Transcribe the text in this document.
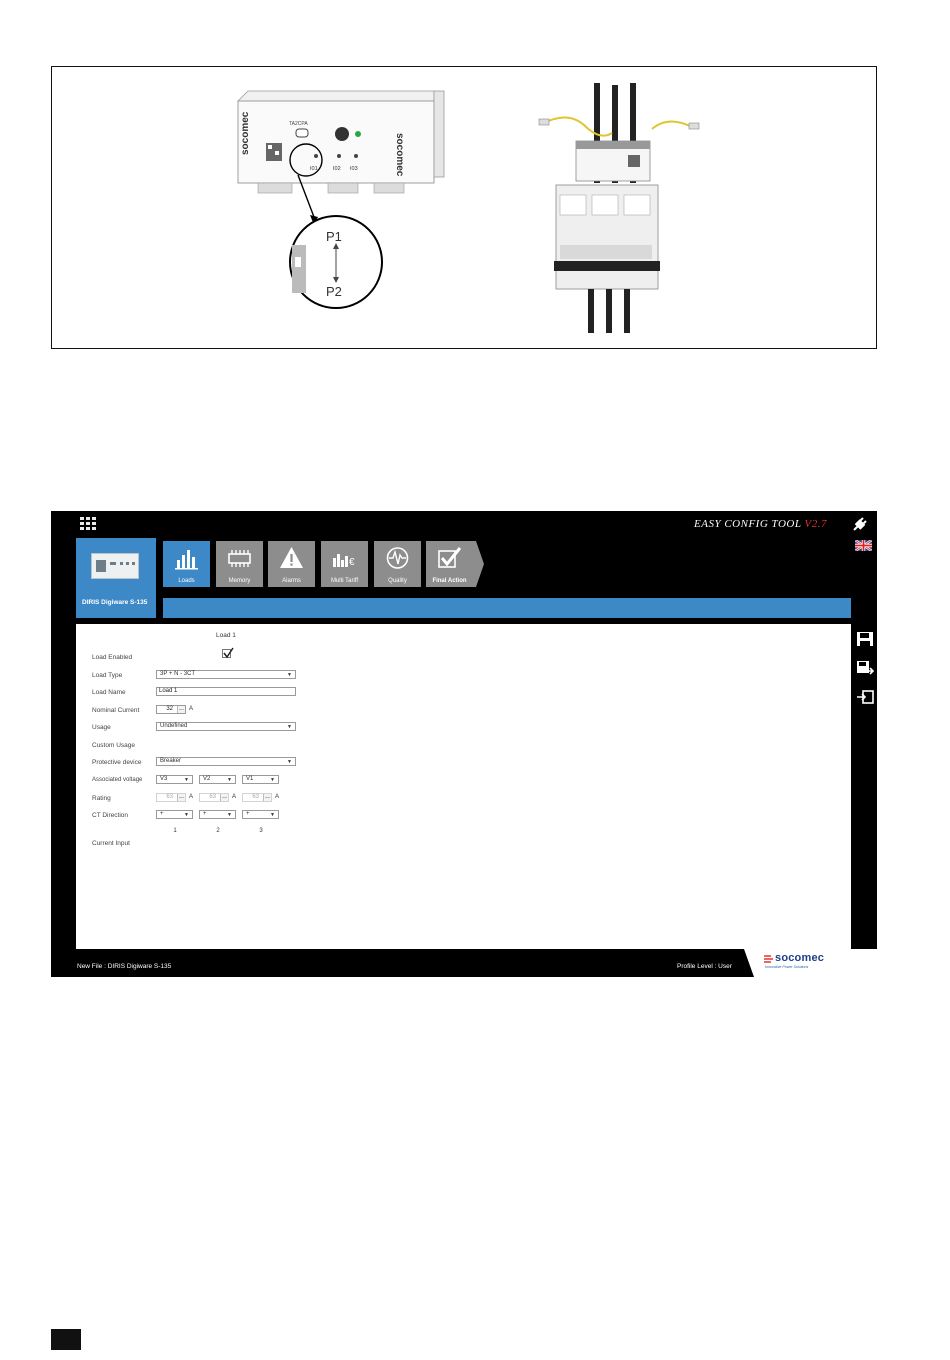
socomec	socomec
TA2CPA
I01	I02 I03
P1
P2
EASY CONFIG TOOL V2.7
DIRIS Digiware S-135
Loads	Memory	Alarms
€
Multi Tariff	Quality	Final Action
Load 1
Load Enabled
Load Type	3P + N - 3CT	▼
Load Name	Load 1
Nominal Current	32	A
Usage	Undefined	▼
Custom Usage
Protective device	Breaker	▼
Associated voltage	V3	▼	V2	▼	V1	▼
Rating	63	A	63	A	63	A
CT Direction	+	▼	+	▼	+	▼
1	2	3
Current Input
New File : DIRIS Digiware S-135	Profile Level : User
socomec
Innovative Power Solutions
